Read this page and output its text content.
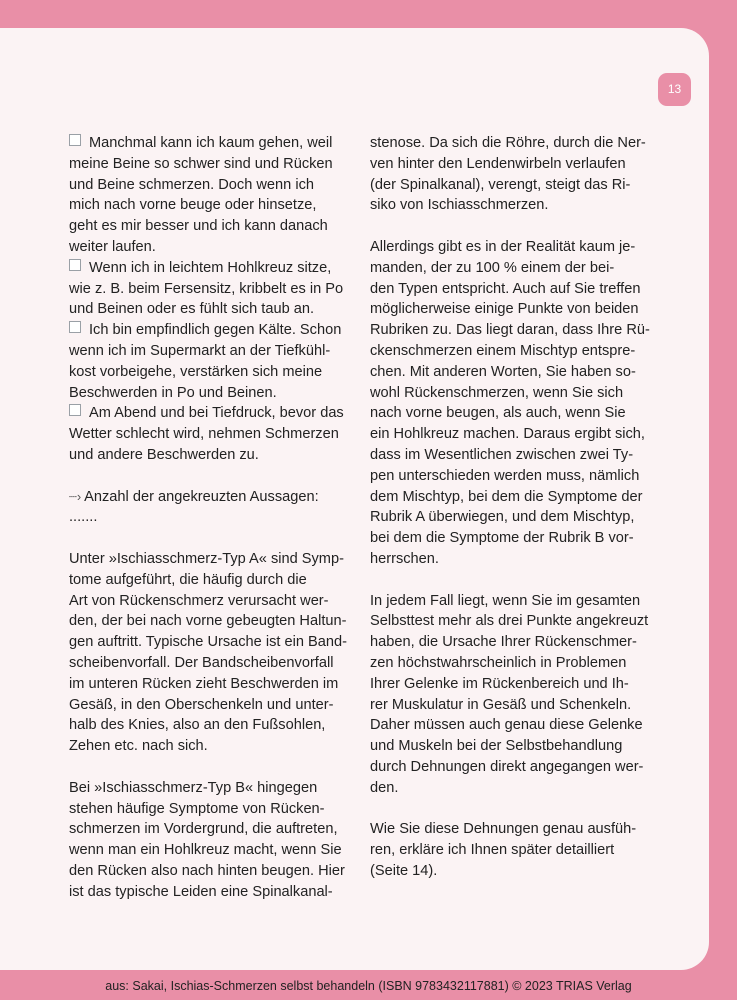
13
Manchmal kann ich kaum gehen, weil
meine Beine so schwer sind und Rücken
und Beine schmerzen. Doch wenn ich
mich nach vorne beuge oder hinsetze,
geht es mir besser und ich kann danach
weiter laufen.
Wenn ich in leichtem Hohlkreuz sitze,
wie z. B. beim Fersensitz, kribbelt es in Po
und Beinen oder es fühlt sich taub an.
Ich bin empfindlich gegen Kälte. Schon
wenn ich im Supermarkt an der Tiefkühl-
kost vorbeigehe, verstärken sich meine
Beschwerden in Po und Beinen.
Am Abend und bei Tiefdruck, bevor das
Wetter schlecht wird, nehmen Schmerzen
und andere Beschwerden zu.

┈› Anzahl der angekreuzten Aussagen: .......

Unter »Ischiasschmerz-Typ A« sind Symp-
tome aufgeführt, die häufig durch die
Art von Rückenschmerz verursacht wer-
den, der bei nach vorne gebeugten Haltun-
gen auftritt. Typische Ursache ist ein Band-
scheibenvorfall. Der Bandscheibenvorfall
im unteren Rücken zieht Beschwerden im
Gesäß, in den Oberschenkeln und unter-
halb des Knies, also an den Fußsohlen,
Zehen etc. nach sich.

Bei »Ischiasschmerz-Typ B« hingegen
stehen häufige Symptome von Rücken-
schmerzen im Vordergrund, die auftreten,
wenn man ein Hohlkreuz macht, wenn Sie
den Rücken also nach hinten beugen. Hier
ist das typische Leiden eine Spinalkanal-

stenose. Da sich die Röhre, durch die Ner-
ven hinter den Lendenwirbeln verlaufen
(der Spinalkanal), verengt, steigt das Ri-
siko von Ischiasschmerzen.

Allerdings gibt es in der Realität kaum je-
manden, der zu 100 % einem der bei-
den Typen entspricht. Auch auf Sie treffen
möglicherweise einige Punkte von beiden
Rubriken zu. Das liegt daran, dass Ihre Rü-
ckenschmerzen einem Mischtyp entspre-
chen. Mit anderen Worten, Sie haben so-
wohl Rückenschmerzen, wenn Sie sich
nach vorne beugen, als auch, wenn Sie
ein Hohlkreuz machen. Daraus ergibt sich,
dass im Wesentlichen zwischen zwei Ty-
pen unterschieden werden muss, nämlich
dem Mischtyp, bei dem die Symptome der
Rubrik A überwiegen, und dem Mischtyp,
bei dem die Symptome der Rubrik B vor-
herrschen.

In jedem Fall liegt, wenn Sie im gesamten
Selbsttest mehr als drei Punkte angekreuzt
haben, die Ursache Ihrer Rückenschmer-
zen höchstwahrscheinlich in Problemen
Ihrer Gelenke im Rückenbereich und Ih-
rer Muskulatur in Gesäß und Schenkeln.
Daher müssen auch genau diese Gelenke
und Muskeln bei der Selbstbehandlung
durch Dehnungen direkt angegangen wer-
den.

Wie Sie diese Dehnungen genau ausfüh-
ren, erkläre ich Ihnen später detailliert
(Seite 14).

aus: Sakai, Ischias-Schmerzen selbst behandeln (ISBN 9783432117881) © 2023 TRIAS Verlag
